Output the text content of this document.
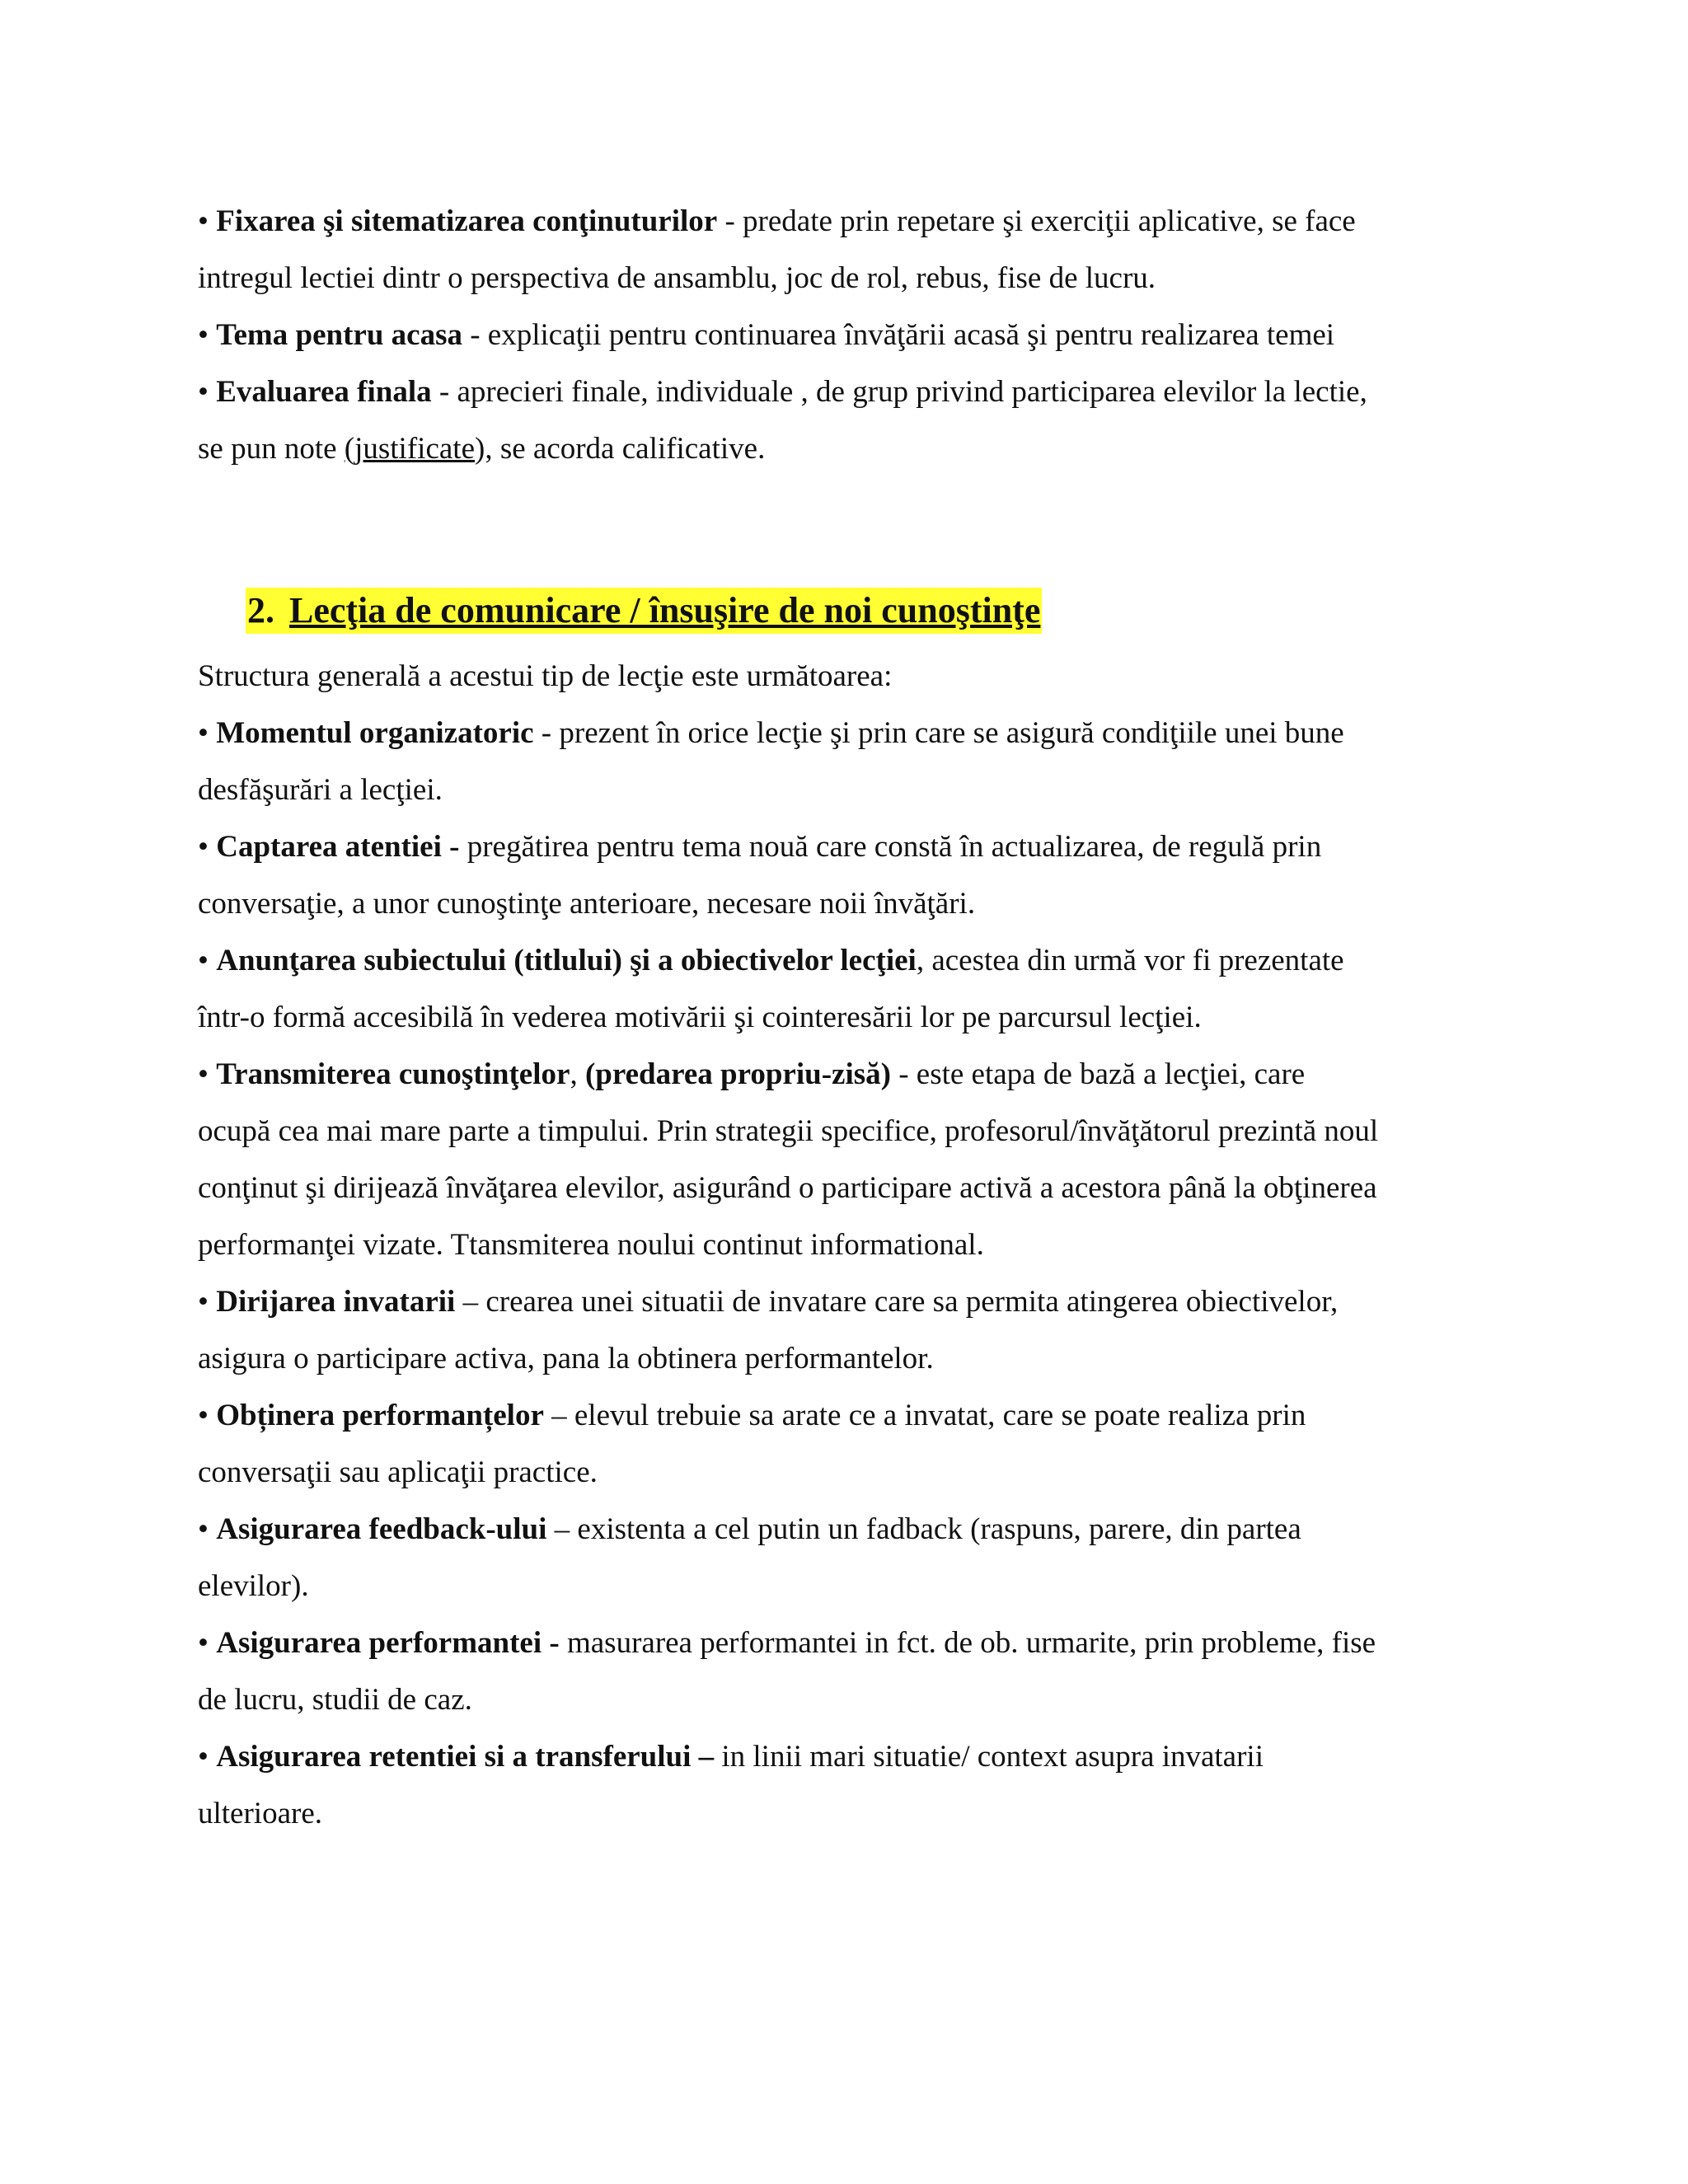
• Fixarea şi sitematizarea conţinuturilor - predate prin repetare şi exerciţii aplicative, se face
intregul lectiei dintr o perspectiva de ansamblu, joc de rol, rebus, fise de lucru.
• Tema pentru acasa - explicaţii pentru continuarea învăţării acasă şi pentru realizarea temei
• Evaluarea finala - aprecieri finale, individuale , de grup privind participarea elevilor la lectie,
se pun note (justificate), se acorda calificative.
2. Lecţia de comunicare / însuşire de noi cunoştinţe
Structura generală a acestui tip de lecţie este următoarea:
• Momentul organizatoric - prezent în orice lecţie şi prin care se asigură condiţiile unei bune
desfăşurări a lecţiei.
• Captarea atentiei - pregătirea pentru tema nouă care constă în actualizarea, de regulă prin
conversaţie, a unor cunoştinţe anterioare, necesare noii învăţări.
• Anunţarea subiectului (titlului) şi a obiectivelor lecţiei, acestea din urmă vor fi prezentate
într-o formă accesibilă în vederea motivării şi cointeresării lor pe parcursul lecţiei.
• Transmiterea cunoştinţelor, (predarea propriu-zisă) - este etapa de bază a lecţiei, care
ocupă cea mai mare parte a timpului. Prin strategii specifice, profesorul/învăţătorul prezintă noul
conţinut şi dirijează învăţarea elevilor, asigurând o participare activă a acestora până la obţinerea
performanţei vizate. Ttansmiterea noului continut informational.
• Dirijarea invatarii – crearea unei situatii de invatare care sa permita atingerea obiectivelor,
asigura o participare activa, pana la obtinera performantelor.
• Obținera performanțelor – elevul trebuie sa arate ce a invatat, care se poate realiza prin
conversaţii sau aplicaţii practice.
• Asigurarea feedback-ului – existenta a cel putin un fadback (raspuns, parere, din partea
elevilor).
• Asigurarea performantei - masurarea performantei in fct. de ob. urmarite, prin probleme, fise
de lucru, studii de caz.
• Asigurarea retentiei si a transferului – in linii mari situatie/ context asupra invatarii
ulterioare.
